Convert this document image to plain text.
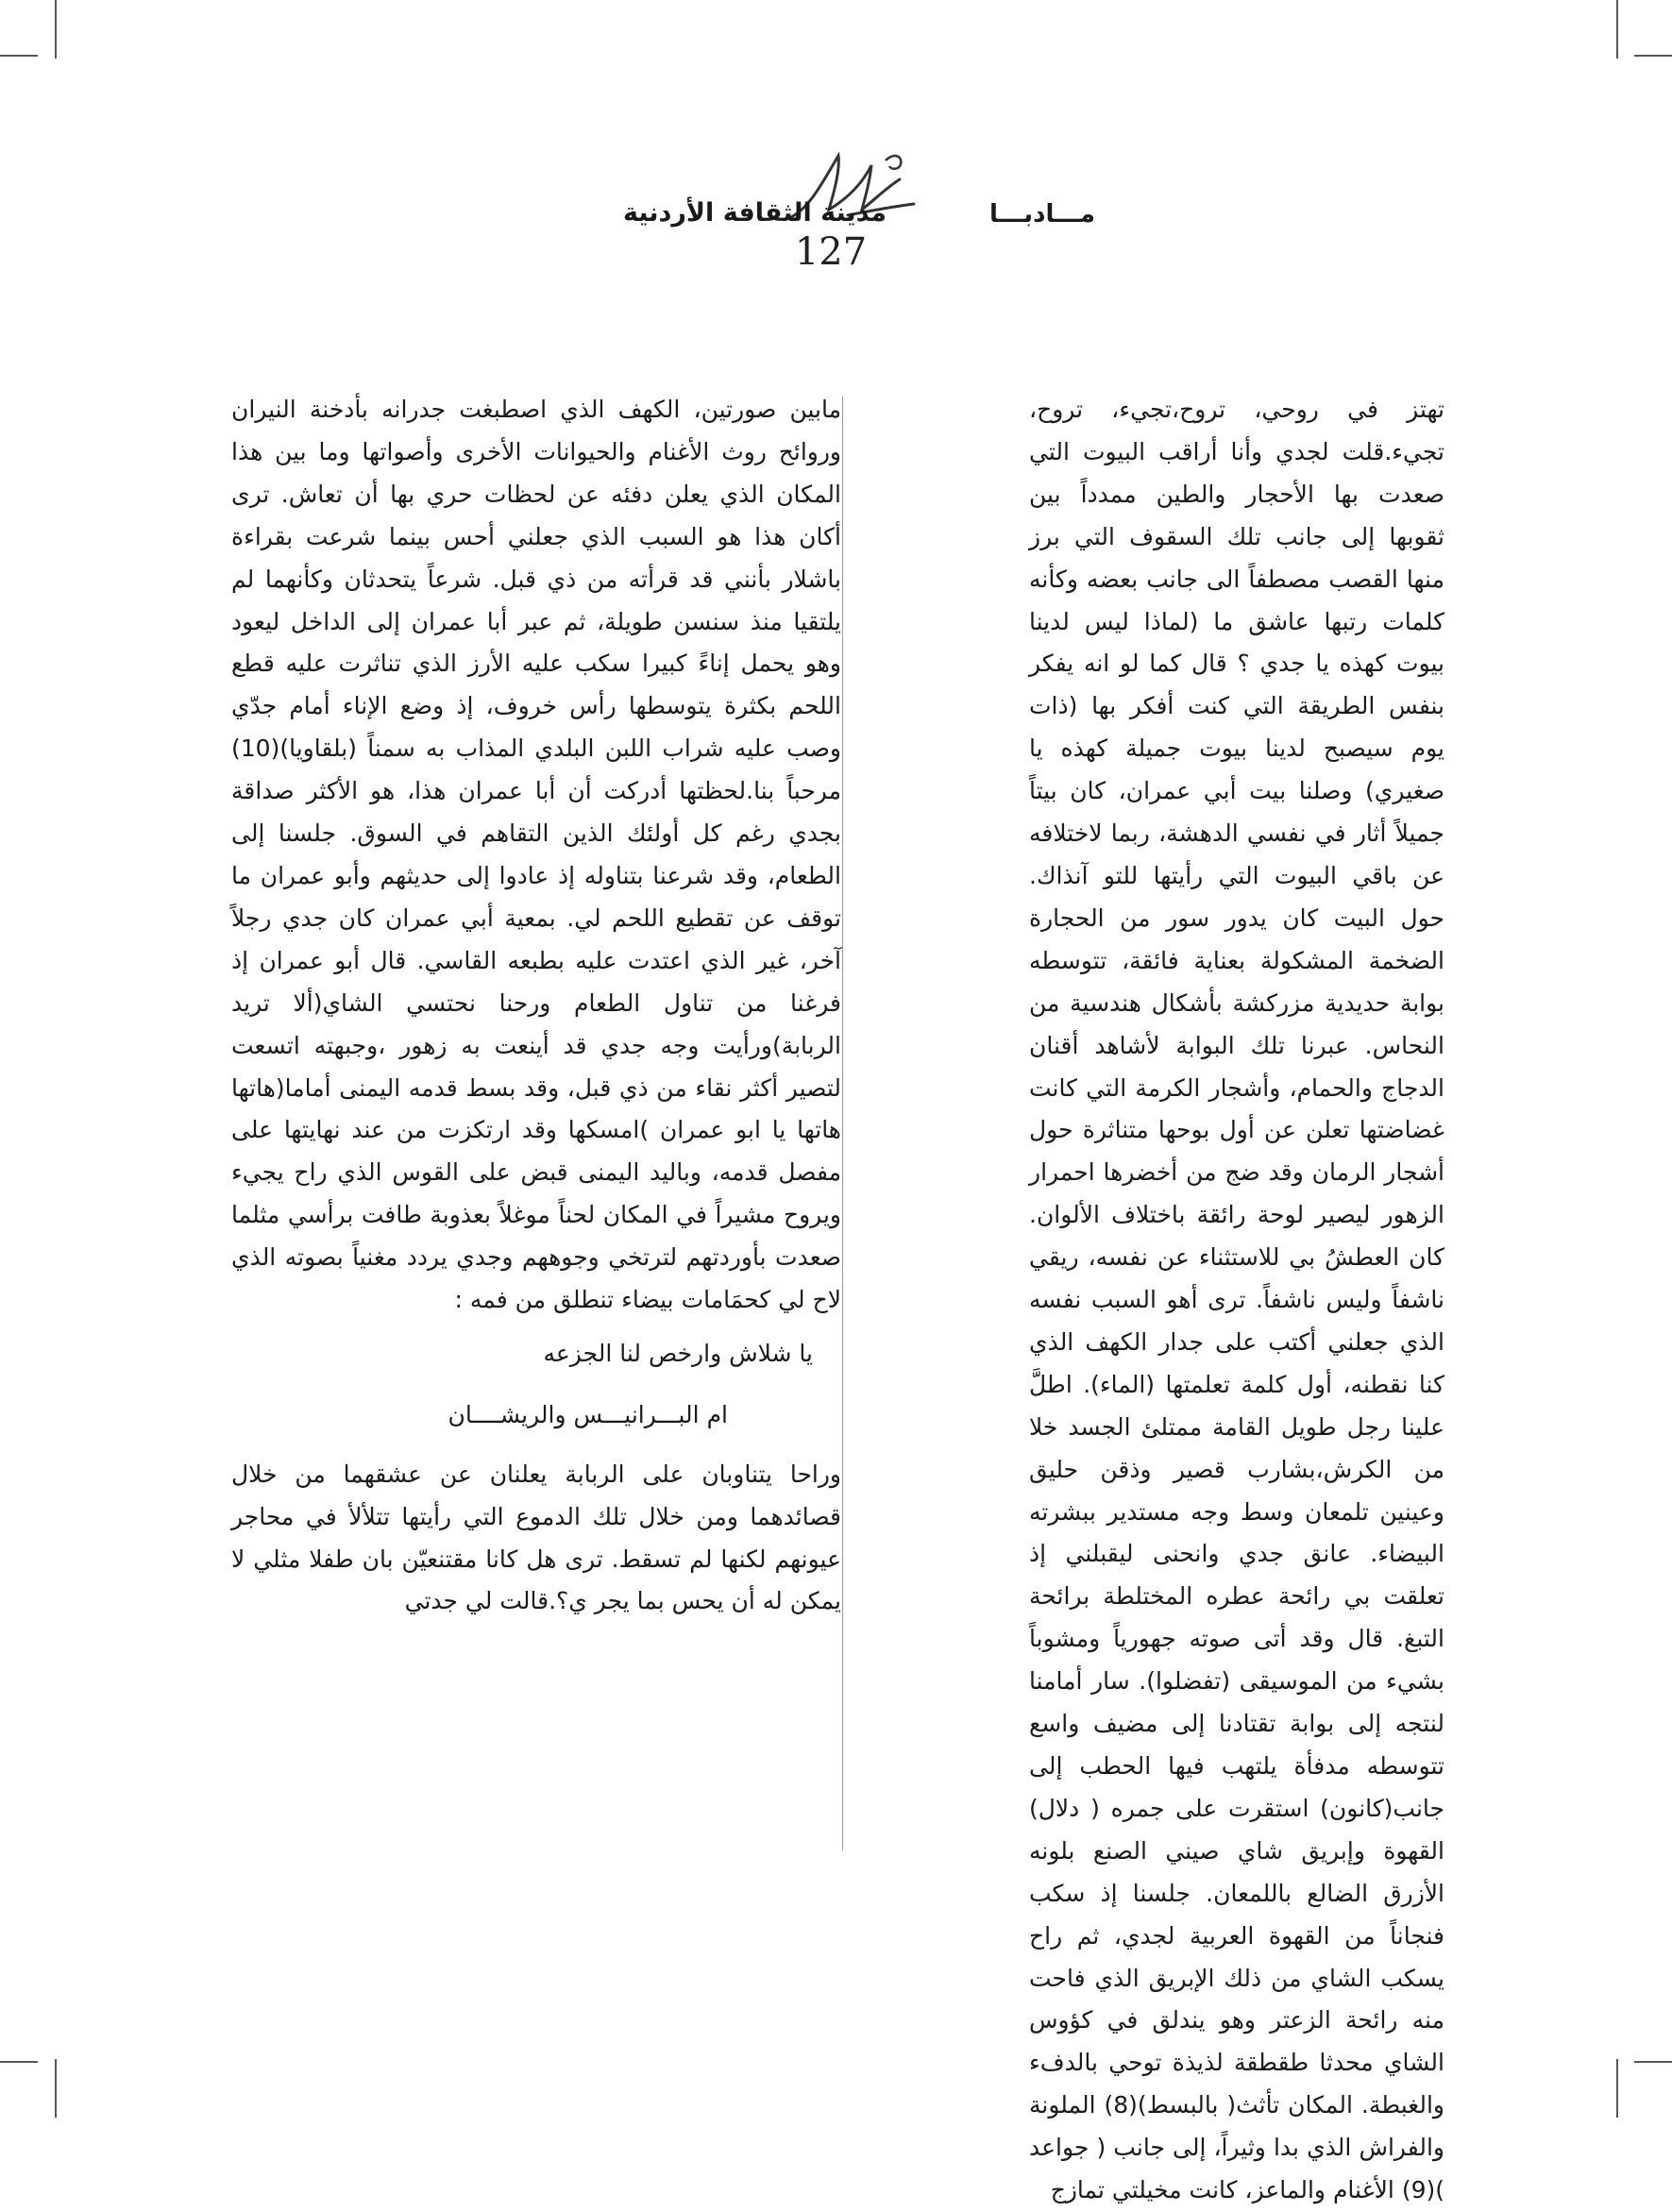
مـــادبـــا
مدينة الثقافة الأردنية
127

تهتز في روحي، تروح،تجيء، تروح، تجيء.قلت لجدي وأنا أراقب البيوت التي صعدت بها الأحجار والطين ممدداً بين ثقوبها إلى جانب تلك السقوف التي برز منها القصب مصطفاً الى جانب بعضه وكأنه كلمات رتبها عاشق ما (لماذا ليس لدينا بيوت كهذه يا جدي ؟ قال كما لو انه يفكر بنفس الطريقة التي كنت أفكر بها (ذات يوم سيصبح لدينا بيوت جميلة كهذه يا صغيري) وصلنا بيت أبي عمران، كان بيتاً جميلاً أثار في نفسي الدهشة، ربما لاختلافه عن باقي البيوت التي رأيتها للتو آنذاك. حول البيت كان يدور سور من الحجارة الضخمة المشكولة بعناية فائقة، تتوسطه بوابة حديدية مزركشة بأشكال هندسية من النحاس. عبرنا تلك البوابة لأشاهد أقنان الدجاج والحمام، وأشجار الكرمة التي كانت غضاضتها تعلن عن أول بوحها متناثرة حول أشجار الرمان وقد ضج من أخضرها احمرار الزهور ليصير لوحة رائقة باختلاف الألوان. كان العطشُ بي للاستثناء عن نفسه، ريقي ناشفاً وليس ناشفاً. ترى أهو السبب نفسه الذي جعلني أكتب على جدار الكهف الذي كنا نقطنه، أول كلمة تعلمتها (الماء). اطلَّ علينا رجل طويل القامة ممتلئ الجسد خلا من الكرش،بشارب قصير وذقن حليق وعينين تلمعان وسط وجه مستدير ببشرته البيضاء. عانق جدي وانحنى ليقبلني إذ تعلقت بي رائحة عطره المختلطة برائحة التبغ. قال وقد أتى صوته جهورياً ومشوباً بشيء من الموسيقى (تفضلوا). سار أمامنا لنتجه إلى بوابة تقتادنا إلى مضيف واسع تتوسطه مدفأة يلتهب فيها الحطب إلى جانب(كانون) استقرت على جمره ( دلال) القهوة وإبريق شاي صيني الصنع بلونه الأزرق الضالع باللمعان. جلسنا إذ سكب فنجاناً من القهوة العربية لجدي، ثم راح يسكب الشاي من ذلك الإبريق الذي فاحت منه رائحة الزعتر وهو يندلق في كؤوس الشاي محدثا طقطقة لذيذة توحي بالدفء والغبطة. المكان تأثث( بالبسط)(8) الملونة والفراش الذي بدا وثيراً، إلى جانب ( جواعد )(9) الأغنام والماعز، كانت مخيلتي تمازج

مابين صورتين، الكهف الذي اصطبغت جدرانه بأدخنة النيران وروائح روث الأغنام والحيوانات الأخرى وأصواتها وما بين هذا المكان الذي يعلن دفئه عن لحظات حري بها أن تعاش. ترى أكان هذا هو السبب الذي جعلني أحس بينما شرعت بقراءة باشلار بأنني قد قرأته من ذي قبل. شرعاً يتحدثان وكأنهما لم يلتقيا منذ سنسن طويلة، ثم عبر أبا عمران إلى الداخل ليعود وهو يحمل إناءً كبيرا سكب عليه الأرز الذي تناثرت عليه قطع اللحم بكثرة يتوسطها رأس خروف، إذ وضع الإناء أمام جدّي وصب عليه شراب اللبن البلدي المذاب به سمناً (بلقاويا)(10) مرحباً بنا.لحظتها أدركت أن أبا عمران هذا، هو الأكثر صداقة بجدي رغم كل أولئك الذين التقاهم في السوق. جلسنا إلى الطعام، وقد شرعنا بتناوله إذ عادوا إلى حديثهم وأبو عمران ما توقف عن تقطيع اللحم لي. بمعية أبي عمران كان جدي رجلاً آخر، غير الذي اعتدت عليه بطبعه القاسي. قال أبو عمران إذ فرغنا من تناول الطعام ورحنا نحتسي الشاي(ألا تريد الربابة)ورأيت وجه جدي قد أينعت به زهور ،وجبهته اتسعت لتصير أكثر نقاء من ذي قبل، وقد بسط قدمه اليمنى أماما(هاتها هاتها يا ابو عمران )امسكها وقد ارتكزت من عند نهايتها على مفصل قدمه، وباليد اليمنى قبض على القوس الذي راح يجيء ويروح مشيراً في المكان لحناً موغلاً بعذوبة طافت برأسي مثلما صعدت بأوردتهم لترتخي وجوههم وجدي يردد مغنياً بصوته الذي لاح لي كحمَامات بيضاء تنطلق من فمه :

يا شلاش وارخص لنا الجزعه

ام البـــرانيـــس والريشــــان

وراحا يتناوبان على الربابة يعلنان عن عشقهما من خلال قصائدهما ومن خلال تلك الدموع التي رأيتها تتلألأ في محاجر عيونهم لكنها لم تسقط. ترى هل كانا مقتنعيّن بان طفلا مثلي لا يمكن له أن يحس بما يجر ي؟.قالت لي جدتي
